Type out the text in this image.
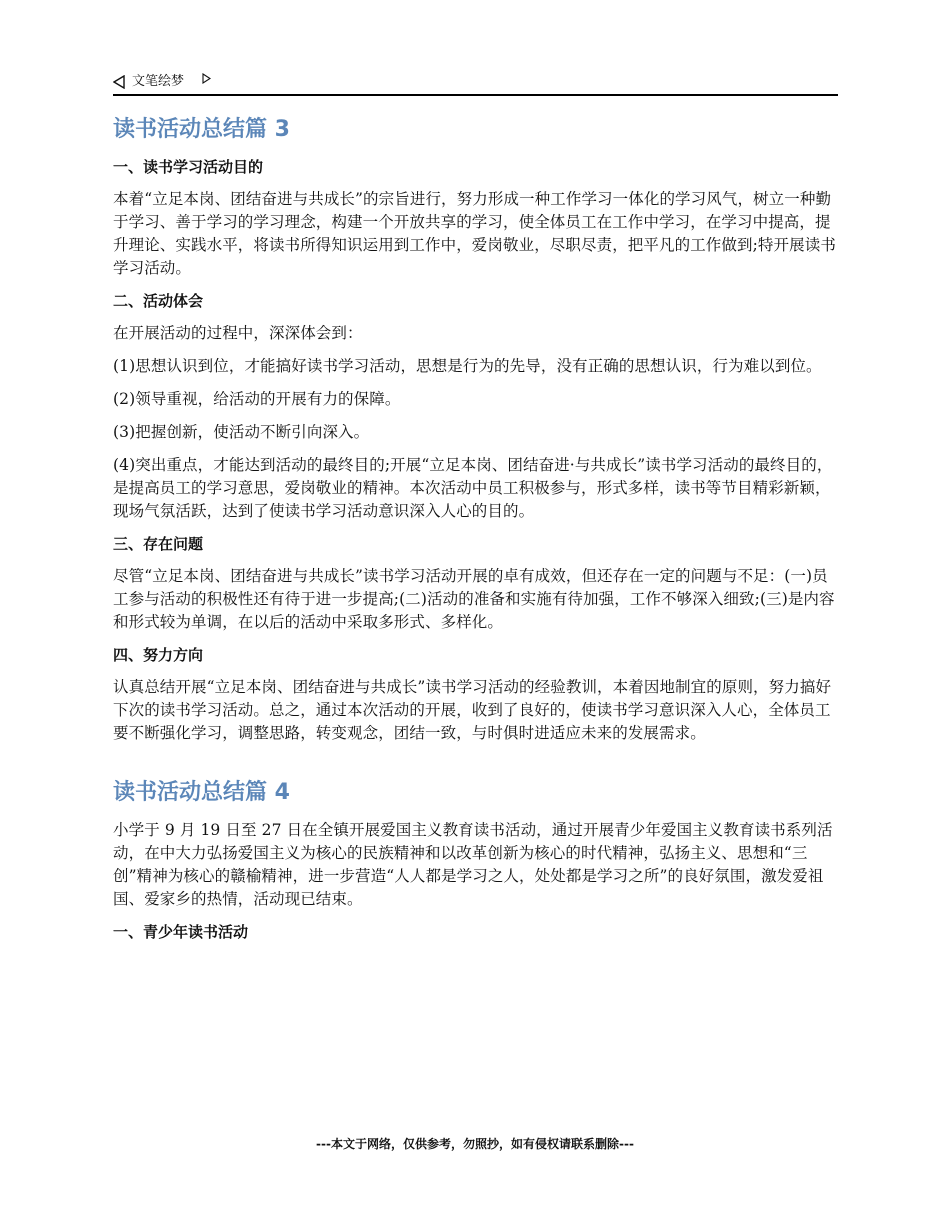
文笔绘梦
读书活动总结篇 3
一、读书学习活动目的
本着“立足本岗、团结奋进与共成长”的宗旨进行，努力形成一种工作学习一体化的学习风气，树立一种勤于学习、善于学习的学习理念，构建一个开放共享的学习，使全体员工在工作中学习，在学习中提高，提升理论、实践水平，将读书所得知识运用到工作中，爱岗敬业，尽职尽责，把平凡的工作做到;特开展读书学习活动。
二、活动体会
在开展活动的过程中，深深体会到：
(1)思想认识到位，才能搞好读书学习活动，思想是行为的先导，没有正确的思想认识，行为难以到位。
(2)领导重视，给活动的开展有力的保障。
(3)把握创新，使活动不断引向深入。
(4)突出重点，才能达到活动的最终目的;开展“立足本岗、团结奋进·与共成长”读书学习活动的最终目的，是提高员工的学习意思，爱岗敬业的精神。本次活动中员工积极参与，形式多样，读书等节目精彩新颖，现场气氛活跃，达到了使读书学习活动意识深入人心的目的。
三、存在问题
尽管“立足本岗、团结奋进与共成长”读书学习活动开展的卓有成效，但还存在一定的问题与不足：(一)员工参与活动的积极性还有待于进一步提高;(二)活动的准备和实施有待加强，工作不够深入细致;(三)是内容和形式较为单调，在以后的活动中采取多形式、多样化。
四、努力方向
认真总结开展“立足本岗、团结奋进与共成长”读书学习活动的经验教训，本着因地制宜的原则，努力搞好下次的读书学习活动。总之，通过本次活动的开展，收到了良好的，使读书学习意识深入人心，全体员工要不断强化学习，调整思路，转变观念，团结一致，与时俱时进适应未来的发展需求。
读书活动总结篇 4
小学于 9 月 19 日至 27 日在全镇开展爱国主义教育读书活动，通过开展青少年爱国主义教育读书系列活动，在中大力弘扬爱国主义为核心的民族精神和以改革创新为核心的时代精神，弘扬主义、思想和“三创”精神为核心的赣榆精神，进一步营造“人人都是学习之人，处处都是学习之所”的良好氛围，激发爱祖国、爱家乡的热情，活动现已结束。
一、青少年读书活动
---本文于网络，仅供参考，勿照抄，如有侵权请联系删除---
